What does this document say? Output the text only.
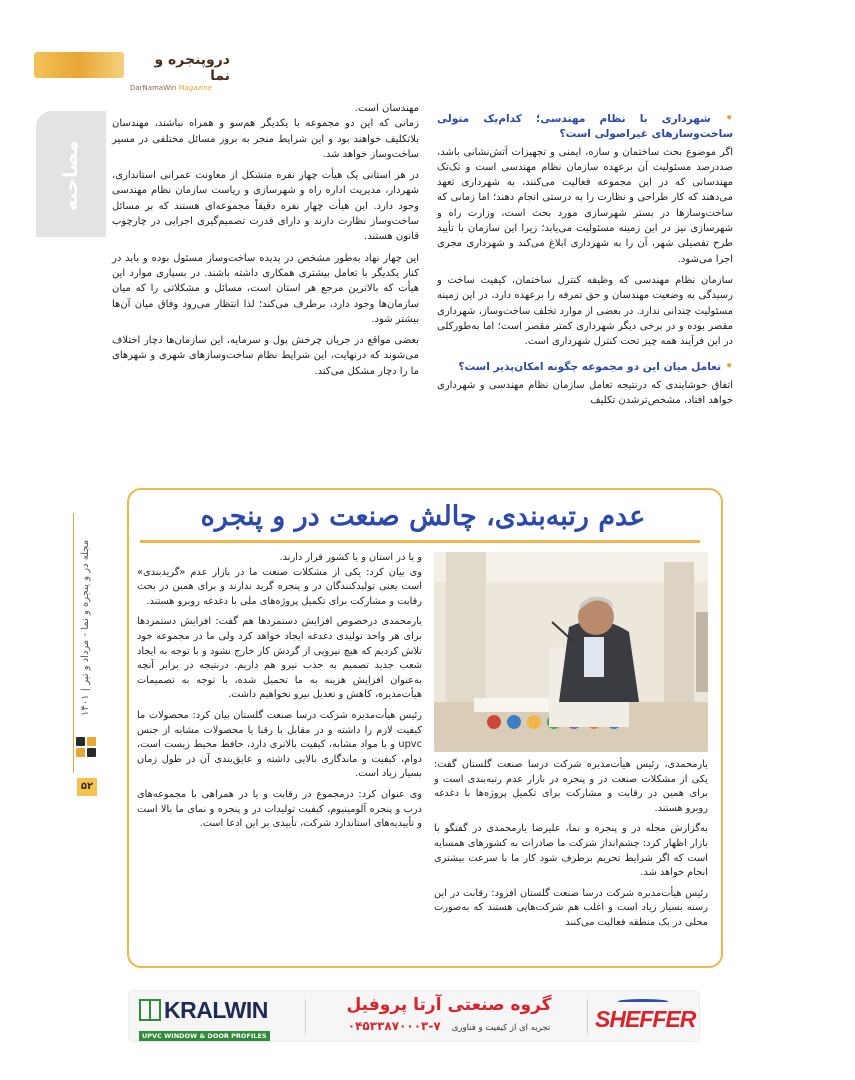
دروپنجره و نما
DarNamaWin Magazine
مصاحبه
مجله در و پنجره و نما - مرداد و تیر | ۱۴۰۱
۵۲
• شهرداری با نظام مهندسی؛ کدام‌یک متولی ساخت‌وسازهای غیراصولی است؟

اگر موضوع بحث ساختمان و سازه، ایمنی و تجهیزات آتش‌نشانی باشد، صددرصد مسئولیت آن برعهده سازمان نظام مهندسی است و تک‌تک مهندسانی که در این مجموعه فعالیت می‌کنند، به شهرداری تعهد می‌دهند که کار طراحی و نظارت را به درستی انجام دهند؛ اما زمانی که ساخت‌وسازها در بستر شهرسازی مورد بحث است، وزارت راه و شهرسازی نیز در این زمینه مسئولیت می‌یابد؛ زیرا این سازمان با تأیید طرح تفصیلی شهر، آن را به شهرداری ابلاغ می‌کند و شهرداری مجری اجرا می‌شود.

سازمان نظام مهندسی که وظیفه کنترل ساختمان، کیفیت ساخت و رسیدگی به وضعیت مهندسان و حق تمرفه را برعهده دارد، در این زمینه مسئولیت چندانی ندارد. در بعضی از موارد تخلف ساخت‌وساز، شهرداری مقصر بوده و در برخی دیگر شهرداری کمتر مقصر است؛ اما به‌طورکلی در این فرآیند همه چیز تحت کنترل شهرداری است.

• تعامل میان این دو مجموعه چگونه امکان‌پذیر است؟

اتفاق خوشایندی که درنتیجه تعامل سازمان نظام مهندسی و شهرداری خواهد افتاد، مشخص‌ترشدن تکلیف

مهندسان است.

زمانی که این دو مجموعه با یکدیگر هم‌سو و همراه نباشند، مهندسان بلاتکلیف خواهند بود و این شرایط منجر به بروز مسائل مختلفی در مسیر ساخت‌وساز خواهد شد.

در هر استانی یک هیأت چهار نفره متشکل از معاونت عمرانی استانداری، شهردار، مدیریت اداره راه و شهرسازی و ریاست سازمان نظام مهندسی وجود دارد. این هیأت چهار نفره دقیقاً مجموعه‌ای هستند که بر مسائل ساخت‌وساز نظارت دارند و دارای قدرت تصمیم‌گیری اجرایی در چارچوب قانون هستند.

این چهار نهاد به‌طور مشخص در پدیده ساخت‌وساز مسئول بوده و باید در کنار یکدیگر با تعامل بیشتری همکاری داشته باشند. در بسیاری موارد این هیأت که بالاترین مرجع هر استان است، مسائل و مشکلاتی را که میان سازمان‌ها وجود دارد، برطرف می‌کند؛ لذا انتظار می‌رود وفاق میان آن‌ها بیشتر شود.

بعضی مواقع در جریان چرخش پول و سرمایه، این سازمان‌ها دچار اختلاف می‌شوند که درنهایت، این شرایط نظام ساخت‌وسازهای شهری و شهرهای ما را دچار مشکل می‌کند.

عدم رتبه‌بندی، چالش صنعت در و پنجره

و یا در استان و یا کشور قرار دارند.

وی بیان کرد: یکی از مشکلات صنعت ما در بازار عدم «گریدبندی» است یعنی تولیدکنندگان در و پنجره گرید ندارند و برای همین در بحث رقابت و مشارکت برای تکمیل پروژه‌های ملی با دغدغه روبرو هستند.

یارمحمدی درخصوص افزایش دستمزدها هم گفت: افزایش دستمزدها برای هر واحد تولیدی دغدغه ایجاد خواهد کرد ولی ما در مجموعه خود تلاش کردیم که هیچ نیرویی از گردش کار خارج نشود و با توجه به ایجاد شعب جدید تصمیم به جذب نیرو هم داریم. درنتیجه در برابر آنچه به‌عنوان افزایش هزینه به ما تحمیل شده، با توجه به تصمیمات هیأت‌مدیره، کاهش و تعدیل نیرو نخواهیم داشت.

رئیس هیأت‌مدیره شرکت درسا صنعت گلستان بیان کرد: محصولات ما کیفیت لازم را داشته و در مقابل با رقبا یا محصولات مشابه از جنس upvc و یا مواد مشابه، کیفیت بالاتری دارد، حافظ محیط زیست است، دوام، کیفیت و ماندگاری بالایی داشته و عایق‌بندی آن در طول زمان بسیار زیاد است.

وی عنوان کرد: درمجموع در رقابت و یا در همراهی با مجموعه‌های درب و پنجره آلومینیوم، کیفیت تولیدات در و پنجره و نمای ما بالا است و تأییدیه‌های استاندارد شرکت، تأییدی بر این ادعا است.

یارمحمدی، رئیس هیأت‌مدیره شرکت درسا صنعت گلستان گفت: یکی از مشکلات صنعت در و پنجره در بازار عدم رتبه‌بندی است و برای همین در رقابت و مشارکت برای تکمیل پروژه‌ها با دغدغه روبرو هستند.

به‌گزارش مجله در و پنجره و نما، علیرضا یارمحمدی در گفتگو با بازار اظهار کرد: چشم‌انداز شرکت ما صادرات به کشورهای همسایه است که اگر شرایط تحریم برطرف شود کار ما با سرعت بیشتری انجام خواهد شد.

رئیس هیأت‌مدیره شرکت درسا صنعت گلستان افزود: رقابت در این رسته بسیار زیاد است و اغلب هم شرکت‌هایی هستند که به‌صورت محلی در یک منطقه فعالیت می‌کنند

KRALWIN
UPVC WINDOW & DOOR PROFILES
گروه صنعتی آرتا پروفیل
تجربه ای از کیفیت و فناوری ۰۴۵۳۳۸۷۰۰۰۳-۷	SHEFFER
